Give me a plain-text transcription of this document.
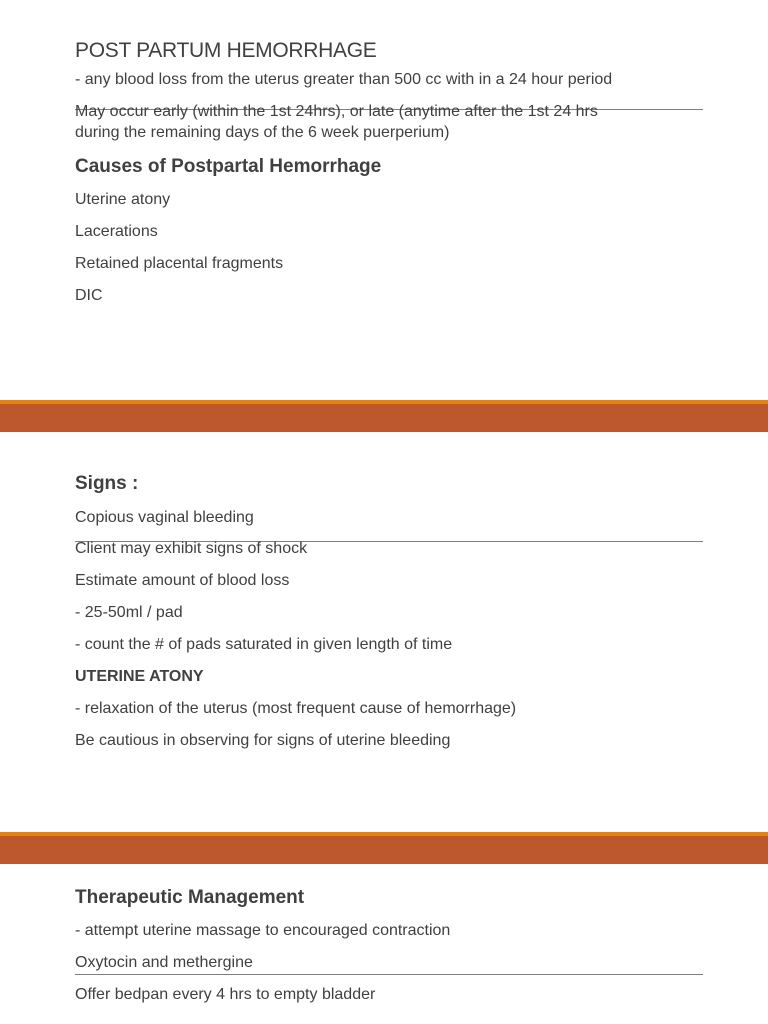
POST PARTUM HEMORRHAGE
- any blood loss from the uterus greater than 500 cc with in a 24 hour period
May occur early (within the 1st 24hrs), or late (anytime after the 1st 24 hrs
during the remaining days of the 6 week puerperium)
Causes of Postpartal Hemorrhage
Uterine atony
Lacerations
Retained placental fragments
DIC
Signs :
Copious vaginal bleeding
Client may exhibit signs of shock
Estimate amount of blood loss
- 25-50ml / pad
- count the # of pads saturated in given length of time
UTERINE ATONY
- relaxation of the uterus (most frequent cause of hemorrhage)
Be cautious in observing for signs of uterine bleeding
Therapeutic Management
- attempt uterine massage to encouraged contraction
Oxytocin and methergine
Offer bedpan every 4 hrs to empty bladder
